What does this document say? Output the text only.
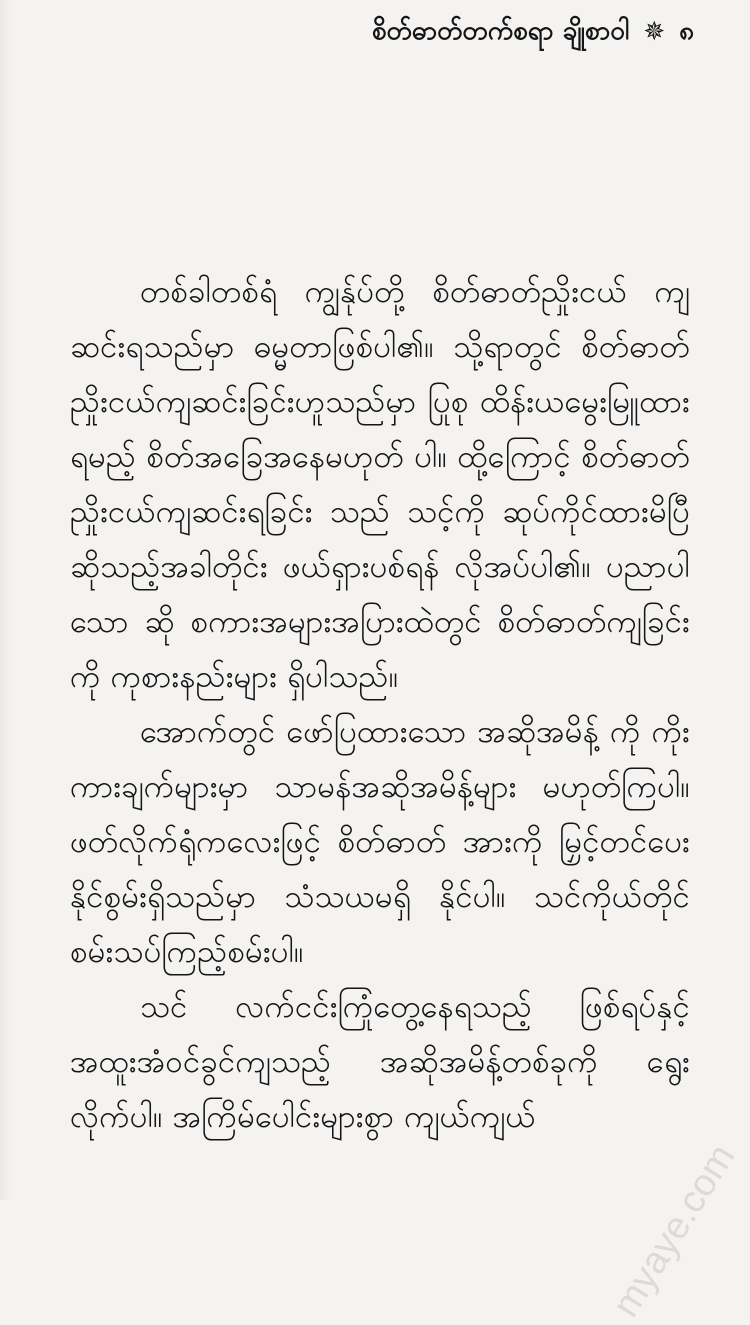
စိတ်ဓာတ်တက်စရာ ချိုစာဝါ ✵ ၈

တစ်ခါတစ်ရံ ကျွန်ုပ်တို့ စိတ်ဓာတ်ညှိုးငယ် ကျဆင်းရသည်မှာ ဓမ္မတာဖြစ်ပါ၏။ သို့ရာတွင် စိတ်ဓာတ်ညှိုးငယ်ကျဆင်းခြင်းဟူသည်မှာ ပြုစု ထိန်းယမွေးမြူထားရမည့် စိတ်အခြေအနေမဟုတ် ပါ။ ထို့ကြောင့် စိတ်ဓာတ်ညှိုးငယ်ကျဆင်းရခြင်း သည် သင့်ကို ဆုပ်ကိုင်ထားမိပြီဆိုသည့်အခါတိုင်း ဖယ်ရှားပစ်ရန် လိုအပ်ပါ၏။ ပညာပါသော ဆို စကားအများအပြားထဲတွင် စိတ်ဓာတ်ကျခြင်းကို ကုစားနည်းများ ရှိပါသည်။

အောက်တွင် ဖော်ပြထားသော အဆိုအမိန့် ကို ကိုးကားချက်များမှာ သာမန်အဆိုအမိန့်များ မဟုတ်ကြပါ။ ဖတ်လိုက်ရုံကလေးဖြင့် စိတ်ဓာတ် အားကို မြှင့်တင်ပေးနိုင်စွမ်းရှိသည်မှာ သံသယမရှိ နိုင်ပါ။ သင်ကိုယ်တိုင် စမ်းသပ်ကြည့်စမ်းပါ။

သင် လက်ငင်းကြုံတွေ့နေရသည့် ဖြစ်ရပ်နှင့် အထူးအံဝင်ခွင်ကျသည့် အဆိုအမိန့်တစ်ခုကို ရွေး လိုက်ပါ။ အကြိမ်ပေါင်းများစွာ ကျယ်ကျယ်

myaye.com
